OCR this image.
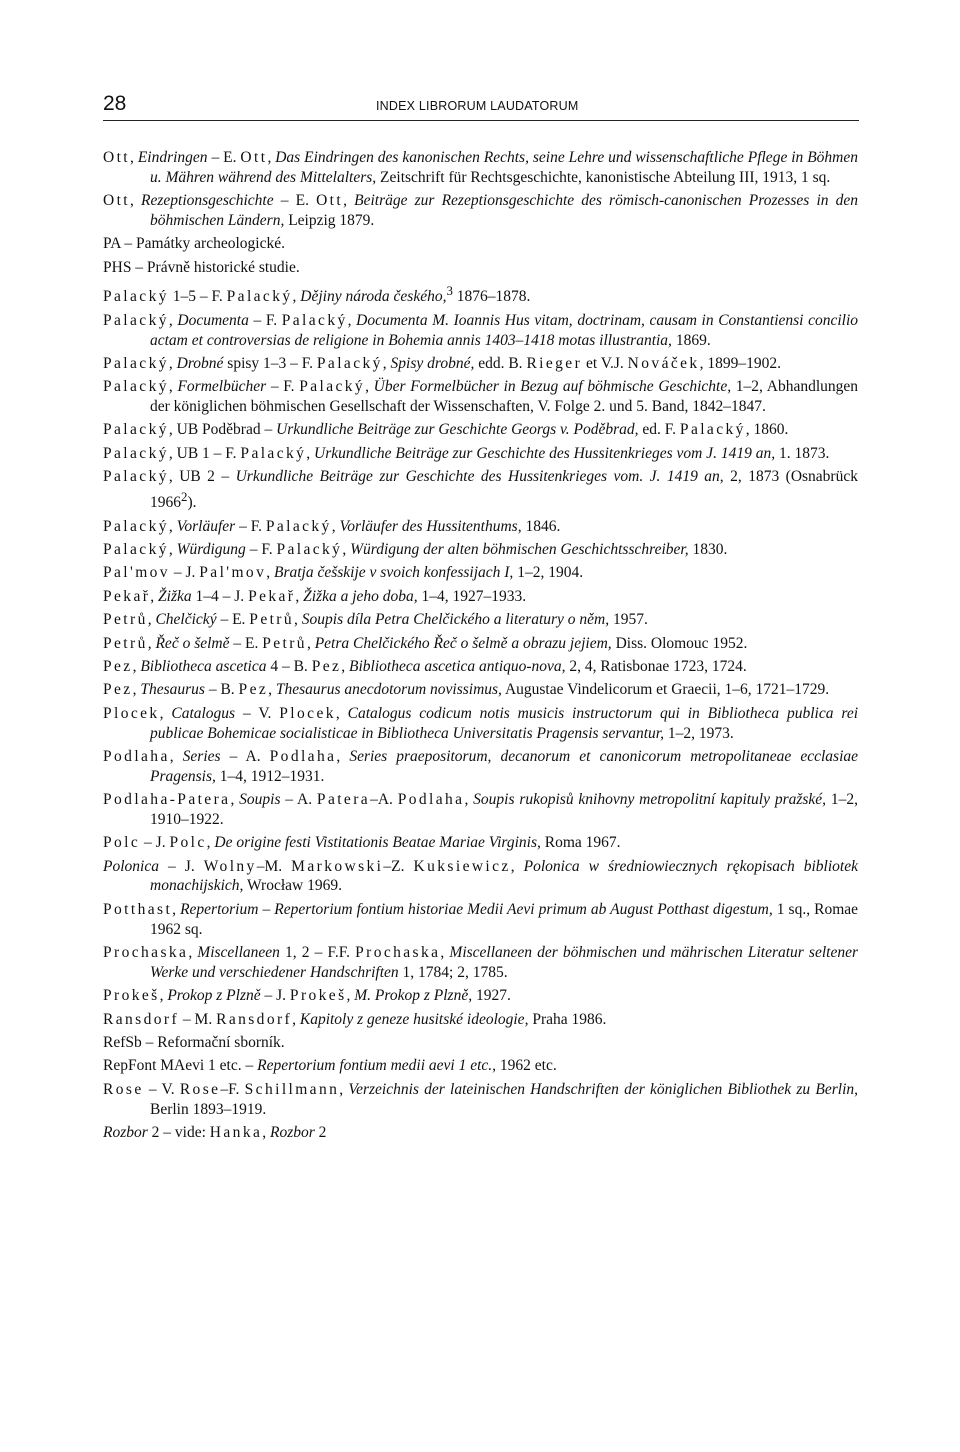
28	INDEX LIBRORUM LAUDATORUM

Ott, Eindringen – E. Ott, Das Eindringen des kanonischen Rechts, seine Lehre und wissenschaftliche Pflege in Böhmen u. Mähren während des Mittelalters, Zeitschrift für Rechtsgeschichte, kanonistische Abteilung III, 1913, 1 sq.

Ott, Rezeptionsgeschichte – E. Ott, Beiträge zur Rezeptionsgeschichte des römisch-canonischen Prozesses in den böhmischen Ländern, Leipzig 1879.

PA – Památky archeologické.

PHS – Právně historické studie.

Palacký 1–5 – F. Palacký, Dějiny národa českého,$^3$ 1876–1878.

Palacký, Documenta – F. Palacký, Documenta M. Ioannis Hus vitam, doctrinam, causam in Constantiensi concilio actam et controversias de religione in Bohemia annis 1403–1418 motas illustrantia, 1869.

Palacký, Drobné spisy 1–3 – F. Palacký, Spisy drobné, edd. B. Rieger et V.J. Nováček, 1899–1902.

Palacký, Formelbücher – F. Palacký, Über Formelbücher in Bezug auf böhmische Geschichte, 1–2, Abhandlungen der königlichen böhmischen Gesellschaft der Wissenschaften, V. Folge 2. und 5. Band, 1842–1847.

Palacký, UB Poděbrad – Urkundliche Beiträge zur Geschichte Georgs v. Poděbrad, ed. F. Palacký, 1860.

Palacký, UB 1 – F. Palacký, Urkundliche Beiträge zur Geschichte des Hussitenkrieges vom J. 1419 an, 1. 1873.

Palacký, UB 2 – Urkundliche Beiträge zur Geschichte des Hussitenkrieges vom. J. 1419 an, 2, 1873 (Osnabrück 1966$^2$).

Palacký, Vorläufer – F. Palacký, Vorläufer des Hussitenthums, 1846.

Palacký, Würdigung – F. Palacký, Würdigung der alten böhmischen Geschichtsschreiber, 1830.

Pal'mov – J. Pal'mov, Bratja češskije v svoich konfessijach I, 1–2, 1904.

Pekař, Žižka 1–4 – J. Pekař, Žižka a jeho doba, 1–4, 1927–1933.

Petrů, Chelčický – E. Petrů, Soupis díla Petra Chelčického a literatury o něm, 1957.

Petrů, Řeč o šelmě – E. Petrů, Petra Chelčického Řeč o šelmě a obrazu jejiem, Diss. Olomouc 1952.

Pez, Bibliotheca ascetica 4 – B. Pez, Bibliotheca ascetica antiquo-nova, 2, 4, Ratisbonae 1723, 1724.

Pez, Thesaurus – B. Pez, Thesaurus anecdotorum novissimus, Augustae Vindelicorum et Graecii, 1–6, 1721–1729.

Plocek, Catalogus – V. Plocek, Catalogus codicum notis musicis instructorum qui in Bibliotheca publica rei publicae Bohemicae socialisticae in Bibliotheca Universitatis Pragensis servantur, 1–2, 1973.

Podlaha, Series – A. Podlaha, Series praepositorum, decanorum et canonicorum metropolitaneae ecclasiae Pragensis, 1–4, 1912–1931.

Podlaha-Patera, Soupis – A. Patera–A. Podlaha, Soupis rukopisů knihovny metropolitní kapituly pražské, 1–2, 1910–1922.

Polc – J. Polc, De origine festi Vistitationis Beatae Mariae Virginis, Roma 1967.

Polonica – J. Wolny–M. Markowski–Z. Kuksiewicz, Polonica w średniowiecznych rękopisach bibliotek monachijskich, Wrocław 1969.

Potthast, Repertorium – Repertorium fontium historiae Medii Aevi primum ab August Potthast digestum, 1 sq., Romae 1962 sq.

Prochaska, Miscellaneen 1, 2 – F.F. Prochaska, Miscellaneen der böhmischen und mährischen Literatur seltener Werke und verschiedener Handschriften 1, 1784; 2, 1785.

Prokeš, Prokop z Plzně – J. Prokeš, M. Prokop z Plzně, 1927.

Ransdorf – M. Ransdorf, Kapitoly z geneze husitské ideologie, Praha 1986.

RefSb – Reformační sborník.

RepFont MAevi 1 etc. – Repertorium fontium medii aevi 1 etc., 1962 etc.

Rose – V. Rose–F. Schillmann, Verzeichnis der lateinischen Handschriften der königlichen Bibliothek zu Berlin, Berlin 1893–1919.

Rozbor 2 – vide: Hanka, Rozbor 2
